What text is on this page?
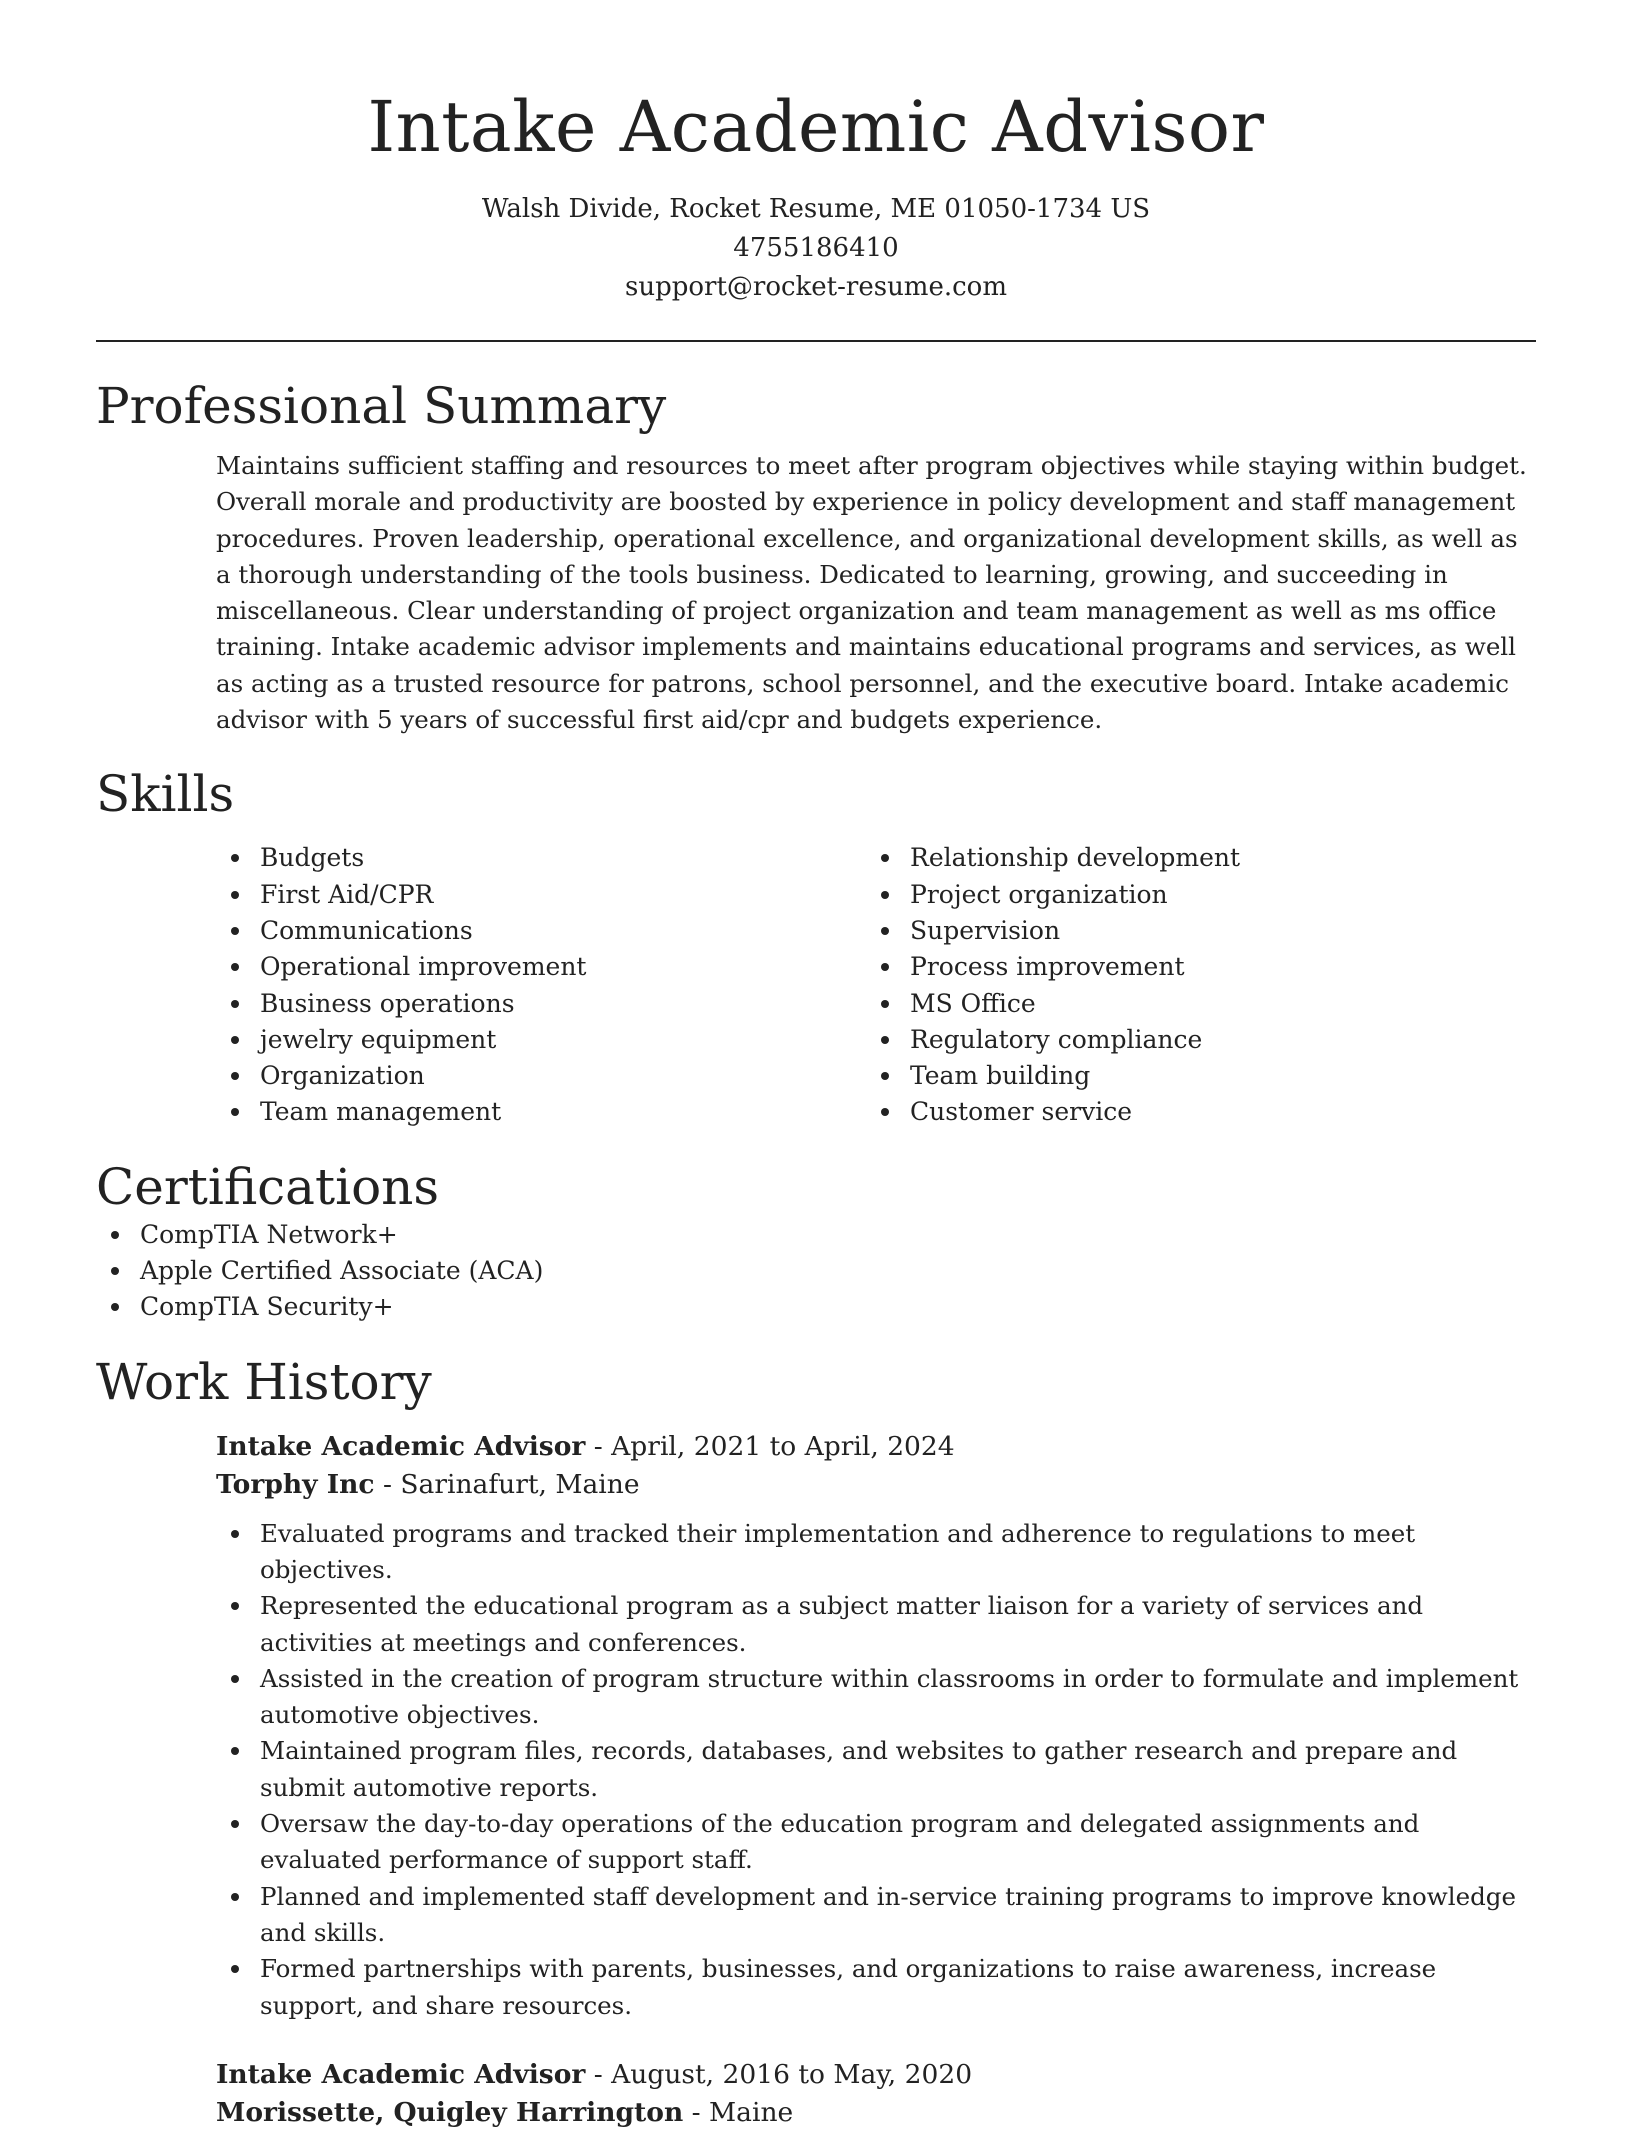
Intake Academic Advisor
Walsh Divide, Rocket Resume, ME 01050-1734 US
4755186410
support@rocket-resume.com
Professional Summary

Maintains sufficient staffing and resources to meet after program objectives while staying within budget. Overall morale and productivity are boosted by experience in policy development and staff management procedures. Proven leadership, operational excellence, and organizational development skills, as well as a thorough understanding of the tools business. Dedicated to learning, growing, and succeeding in miscellaneous. Clear understanding of project organization and team management as well as ms office training. Intake academic advisor implements and maintains educational programs and services, as well as acting as a trusted resource for patrons, school personnel, and the executive board. Intake academic advisor with 5 years of successful first aid/cpr and budgets experience.

Skills
Budgets
First Aid/CPR
Communications
Operational improvement
Business operations
jewelry equipment
Organization
Team management
Relationship development
Project organization
Supervision
Process improvement
MS Office
Regulatory compliance
Team building
Customer service
Certifications
CompTIA Network+
Apple Certified Associate (ACA)
CompTIA Security+
Work History
Intake Academic Advisor - April, 2021 to April, 2024
Torphy Inc - Sarinafurt, Maine
Evaluated programs and tracked their implementation and adherence to regulations to meet objectives.
Represented the educational program as a subject matter liaison for a variety of services and activities at meetings and conferences.
Assisted in the creation of program structure within classrooms in order to formulate and implement automotive objectives.
Maintained program files, records, databases, and websites to gather research and prepare and submit automotive reports.
Oversaw the day-to-day operations of the education program and delegated assignments and evaluated performance of support staff.
Planned and implemented staff development and in-service training programs to improve knowledge and skills.
Formed partnerships with parents, businesses, and organizations to raise awareness, increase support, and share resources.
Intake Academic Advisor - August, 2016 to May, 2020
Morissette, Quigley Harrington - Maine
